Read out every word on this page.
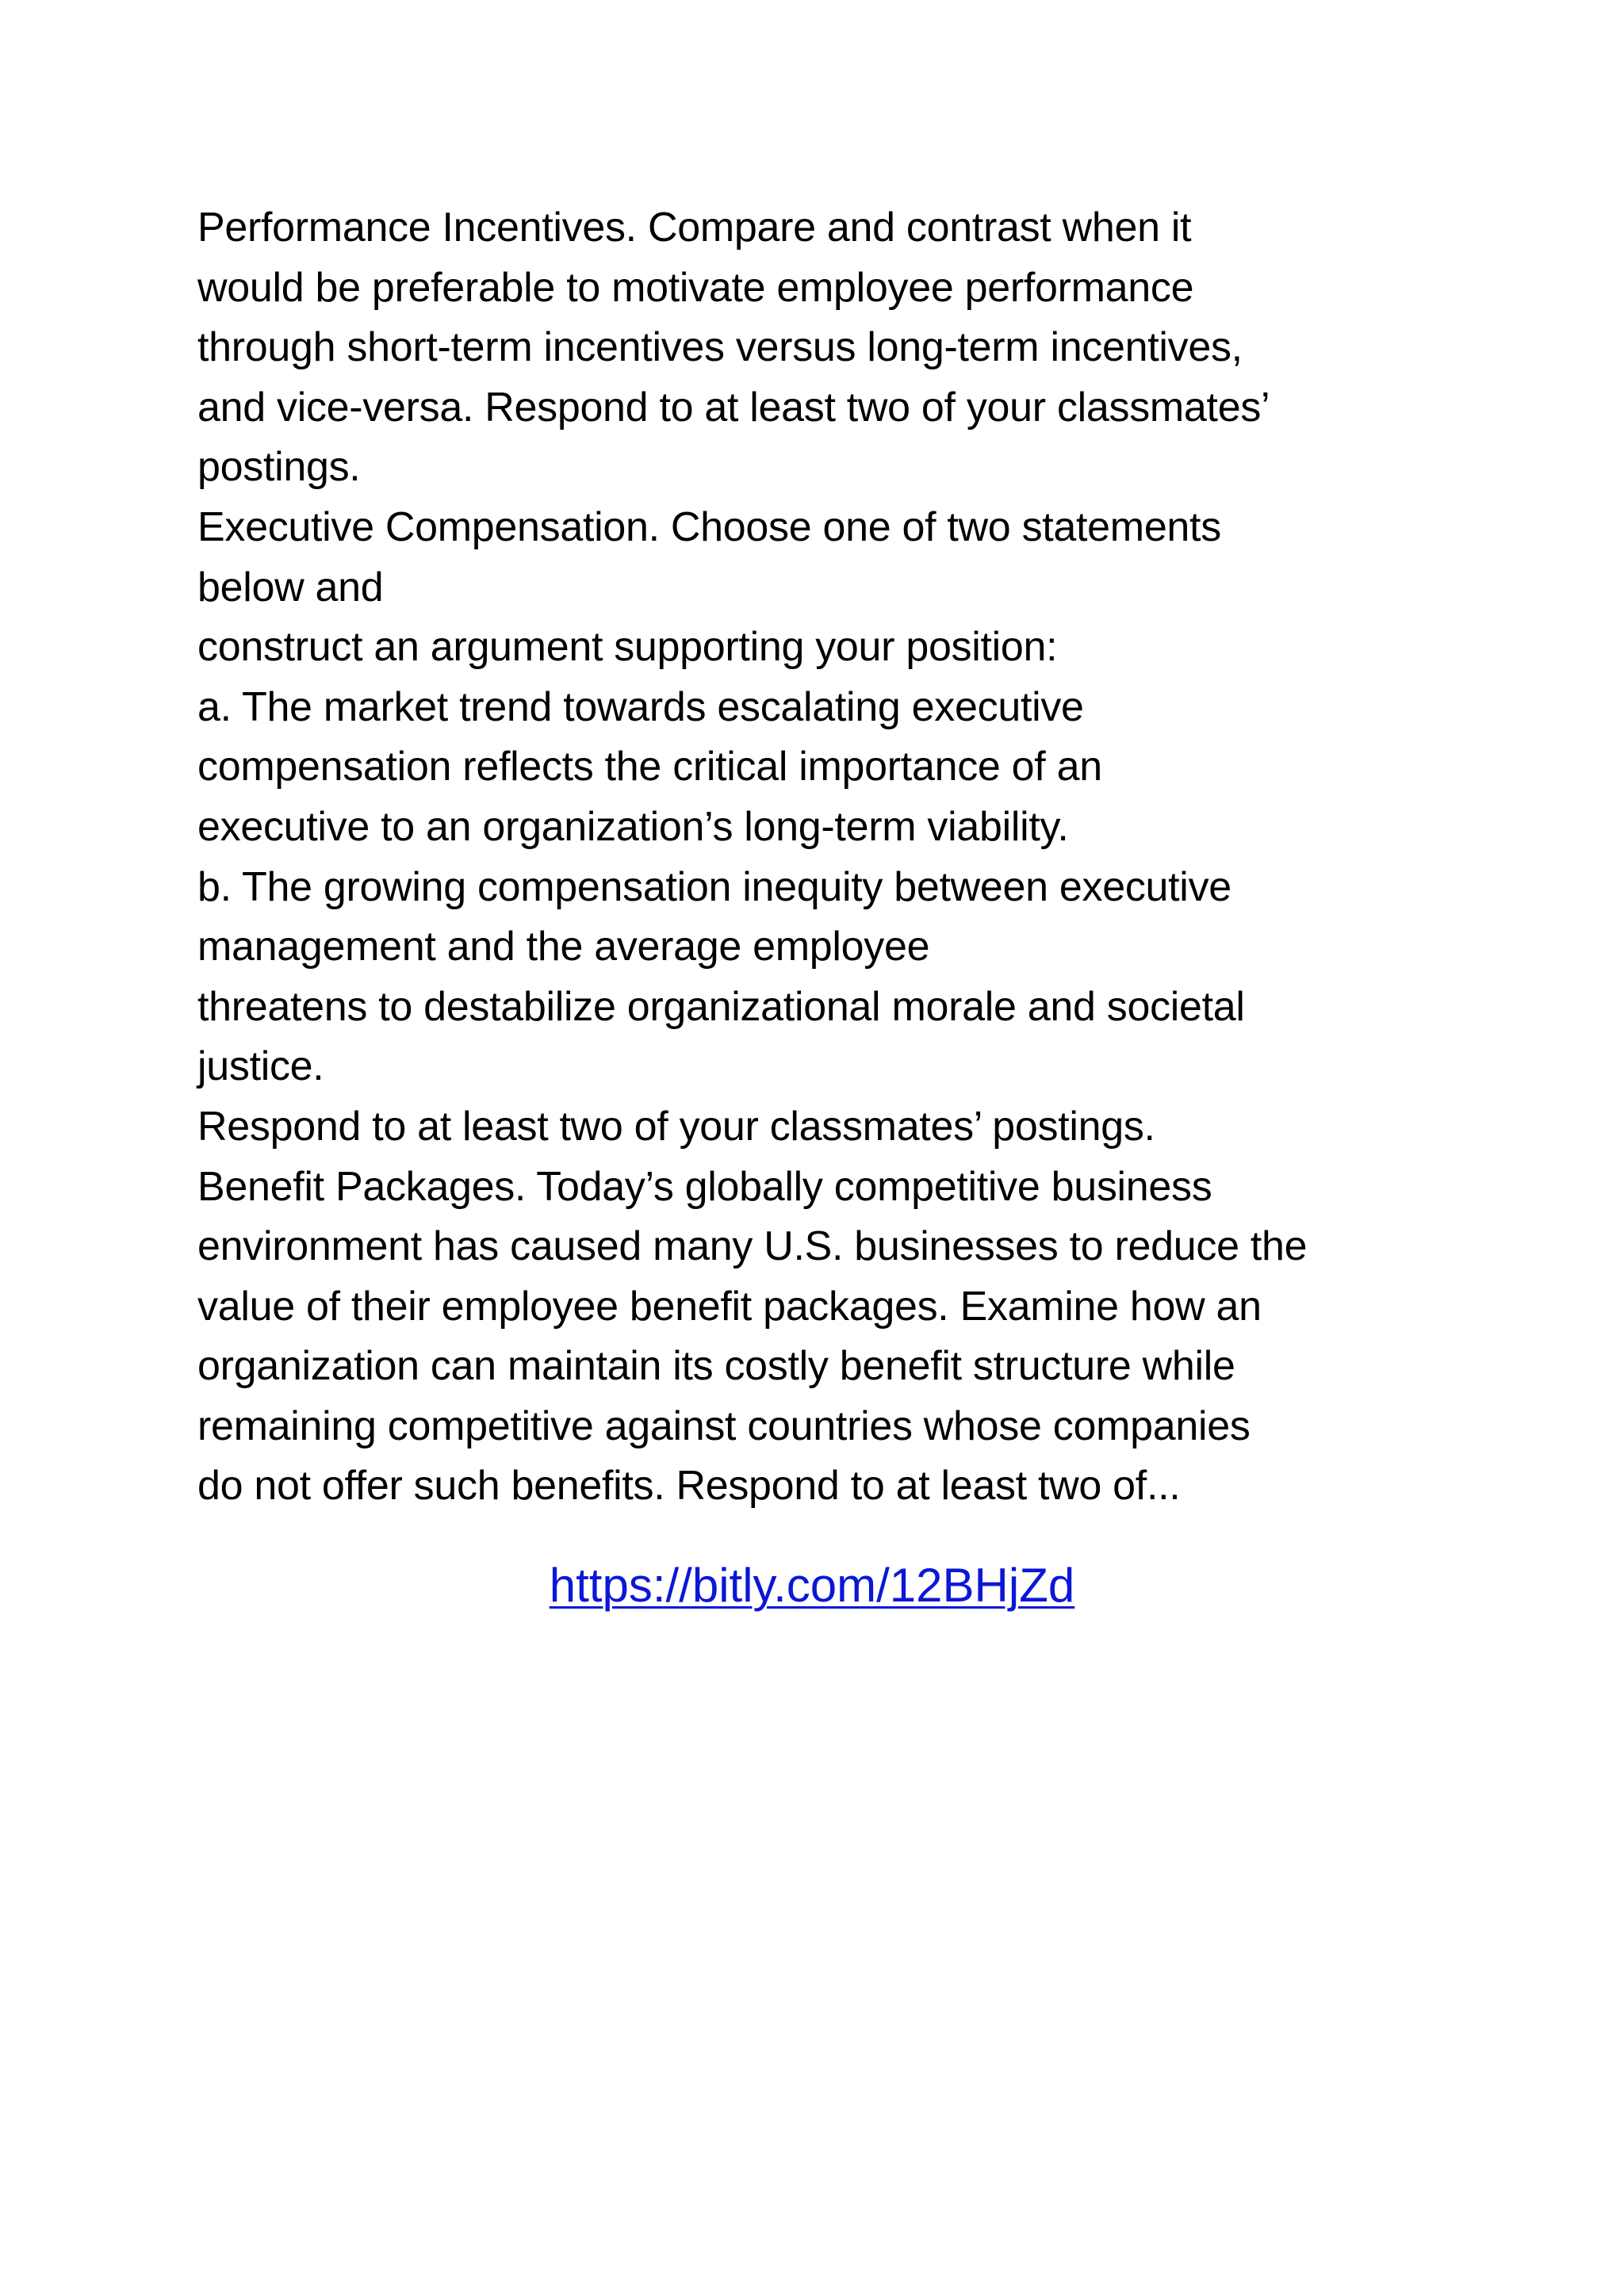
Performance Incentives. Compare and contrast when it
would be preferable to motivate employee performance
through short-term incentives versus long-term incentives,
and vice-versa. Respond to at least two of your classmates’
postings.
Executive Compensation. Choose one of two statements
below and
construct an argument supporting your position:
a. The market trend towards escalating executive
compensation reflects the critical importance of an
executive to an organization’s long-term viability.
b. The growing compensation inequity between executive
management and the average employee
threatens to destabilize organizational morale and societal
justice.
Respond to at least two of your classmates’ postings.
Benefit Packages. Today’s globally competitive business
environment has caused many U.S. businesses to reduce the
value of their employee benefit packages. Examine how an
organization can maintain its costly benefit structure while
remaining competitive against countries whose companies
do not offer such benefits. Respond to at least two of...
https://bitly.com/12BHjZd
